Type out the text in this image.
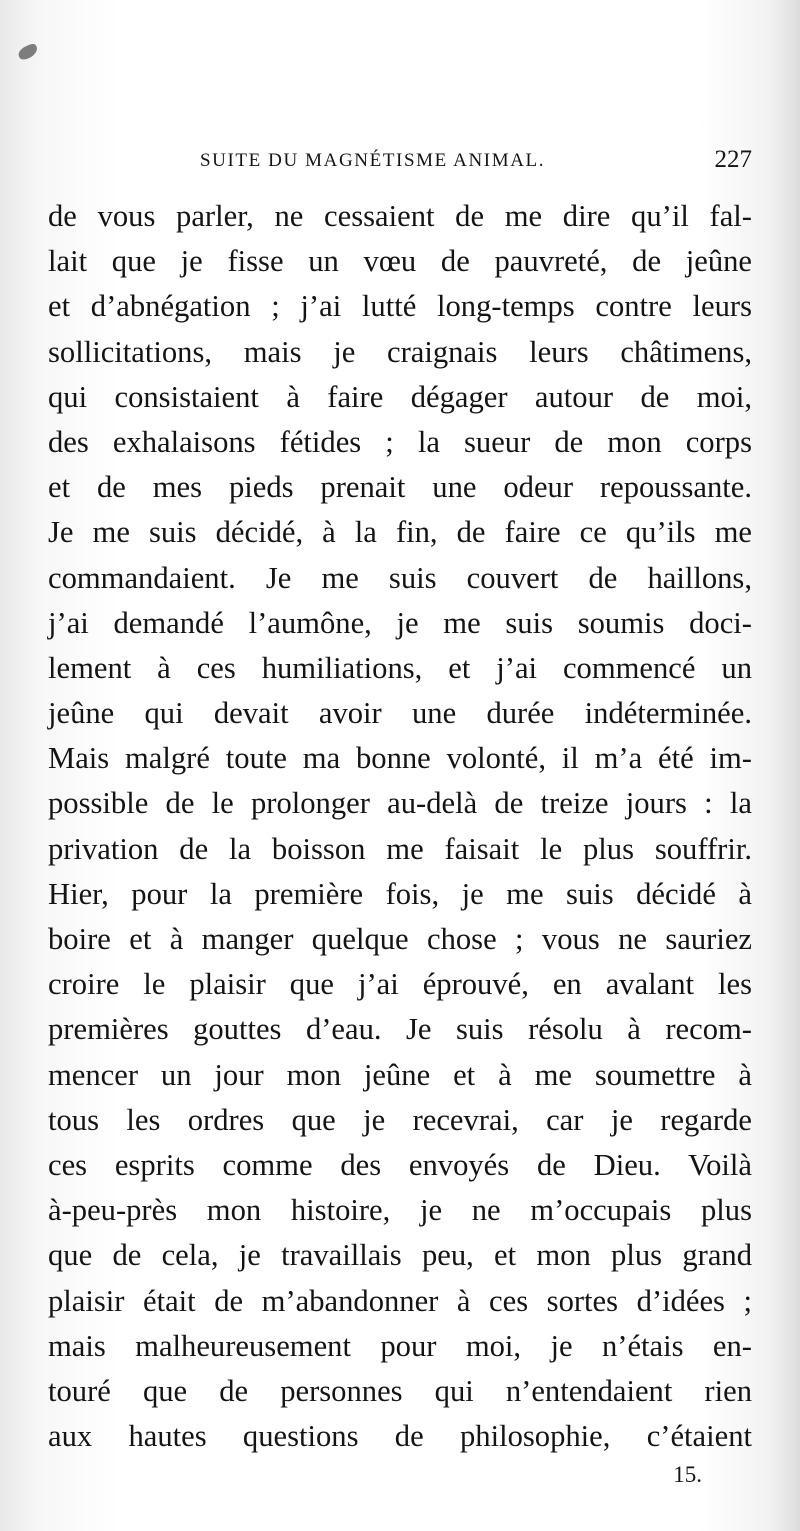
SUITE DU MAGNÉTISME ANIMAL.	227
de vous parler, ne cessaient de me dire qu’il fal-
lait que je fisse un vœu de pauvreté, de jeûne
et d’abnégation ; j’ai lutté long-temps contre leurs
sollicitations, mais je craignais leurs châtimens,
qui consistaient à faire dégager autour de moi,
des exhalaisons fétides ; la sueur de mon corps
et de mes pieds prenait une odeur repoussante.
Je me suis décidé, à la fin, de faire ce qu’ils me
commandaient. Je me suis couvert de haillons,
j’ai demandé l’aumône, je me suis soumis doci-
lement à ces humiliations, et j’ai commencé un
jeûne qui devait avoir une durée indéterminée.
Mais malgré toute ma bonne volonté, il m’a été im-
possible de le prolonger au-delà de treize jours : la
privation de la boisson me faisait le plus souffrir.
Hier, pour la première fois, je me suis décidé à
boire et à manger quelque chose ; vous ne sauriez
croire le plaisir que j’ai éprouvé, en avalant les
premières gouttes d’eau. Je suis résolu à recom-
mencer un jour mon jeûne et à me soumettre à
tous les ordres que je recevrai, car je regarde
ces esprits comme des envoyés de Dieu. Voilà
à-peu-près mon histoire, je ne m’occupais plus
que de cela, je travaillais peu, et mon plus grand
plaisir était de m’abandonner à ces sortes d’idées ;
mais malheureusement pour moi, je n’étais en-
touré que de personnes qui n’entendaient rien
aux hautes questions de philosophie, c’étaient
15.
